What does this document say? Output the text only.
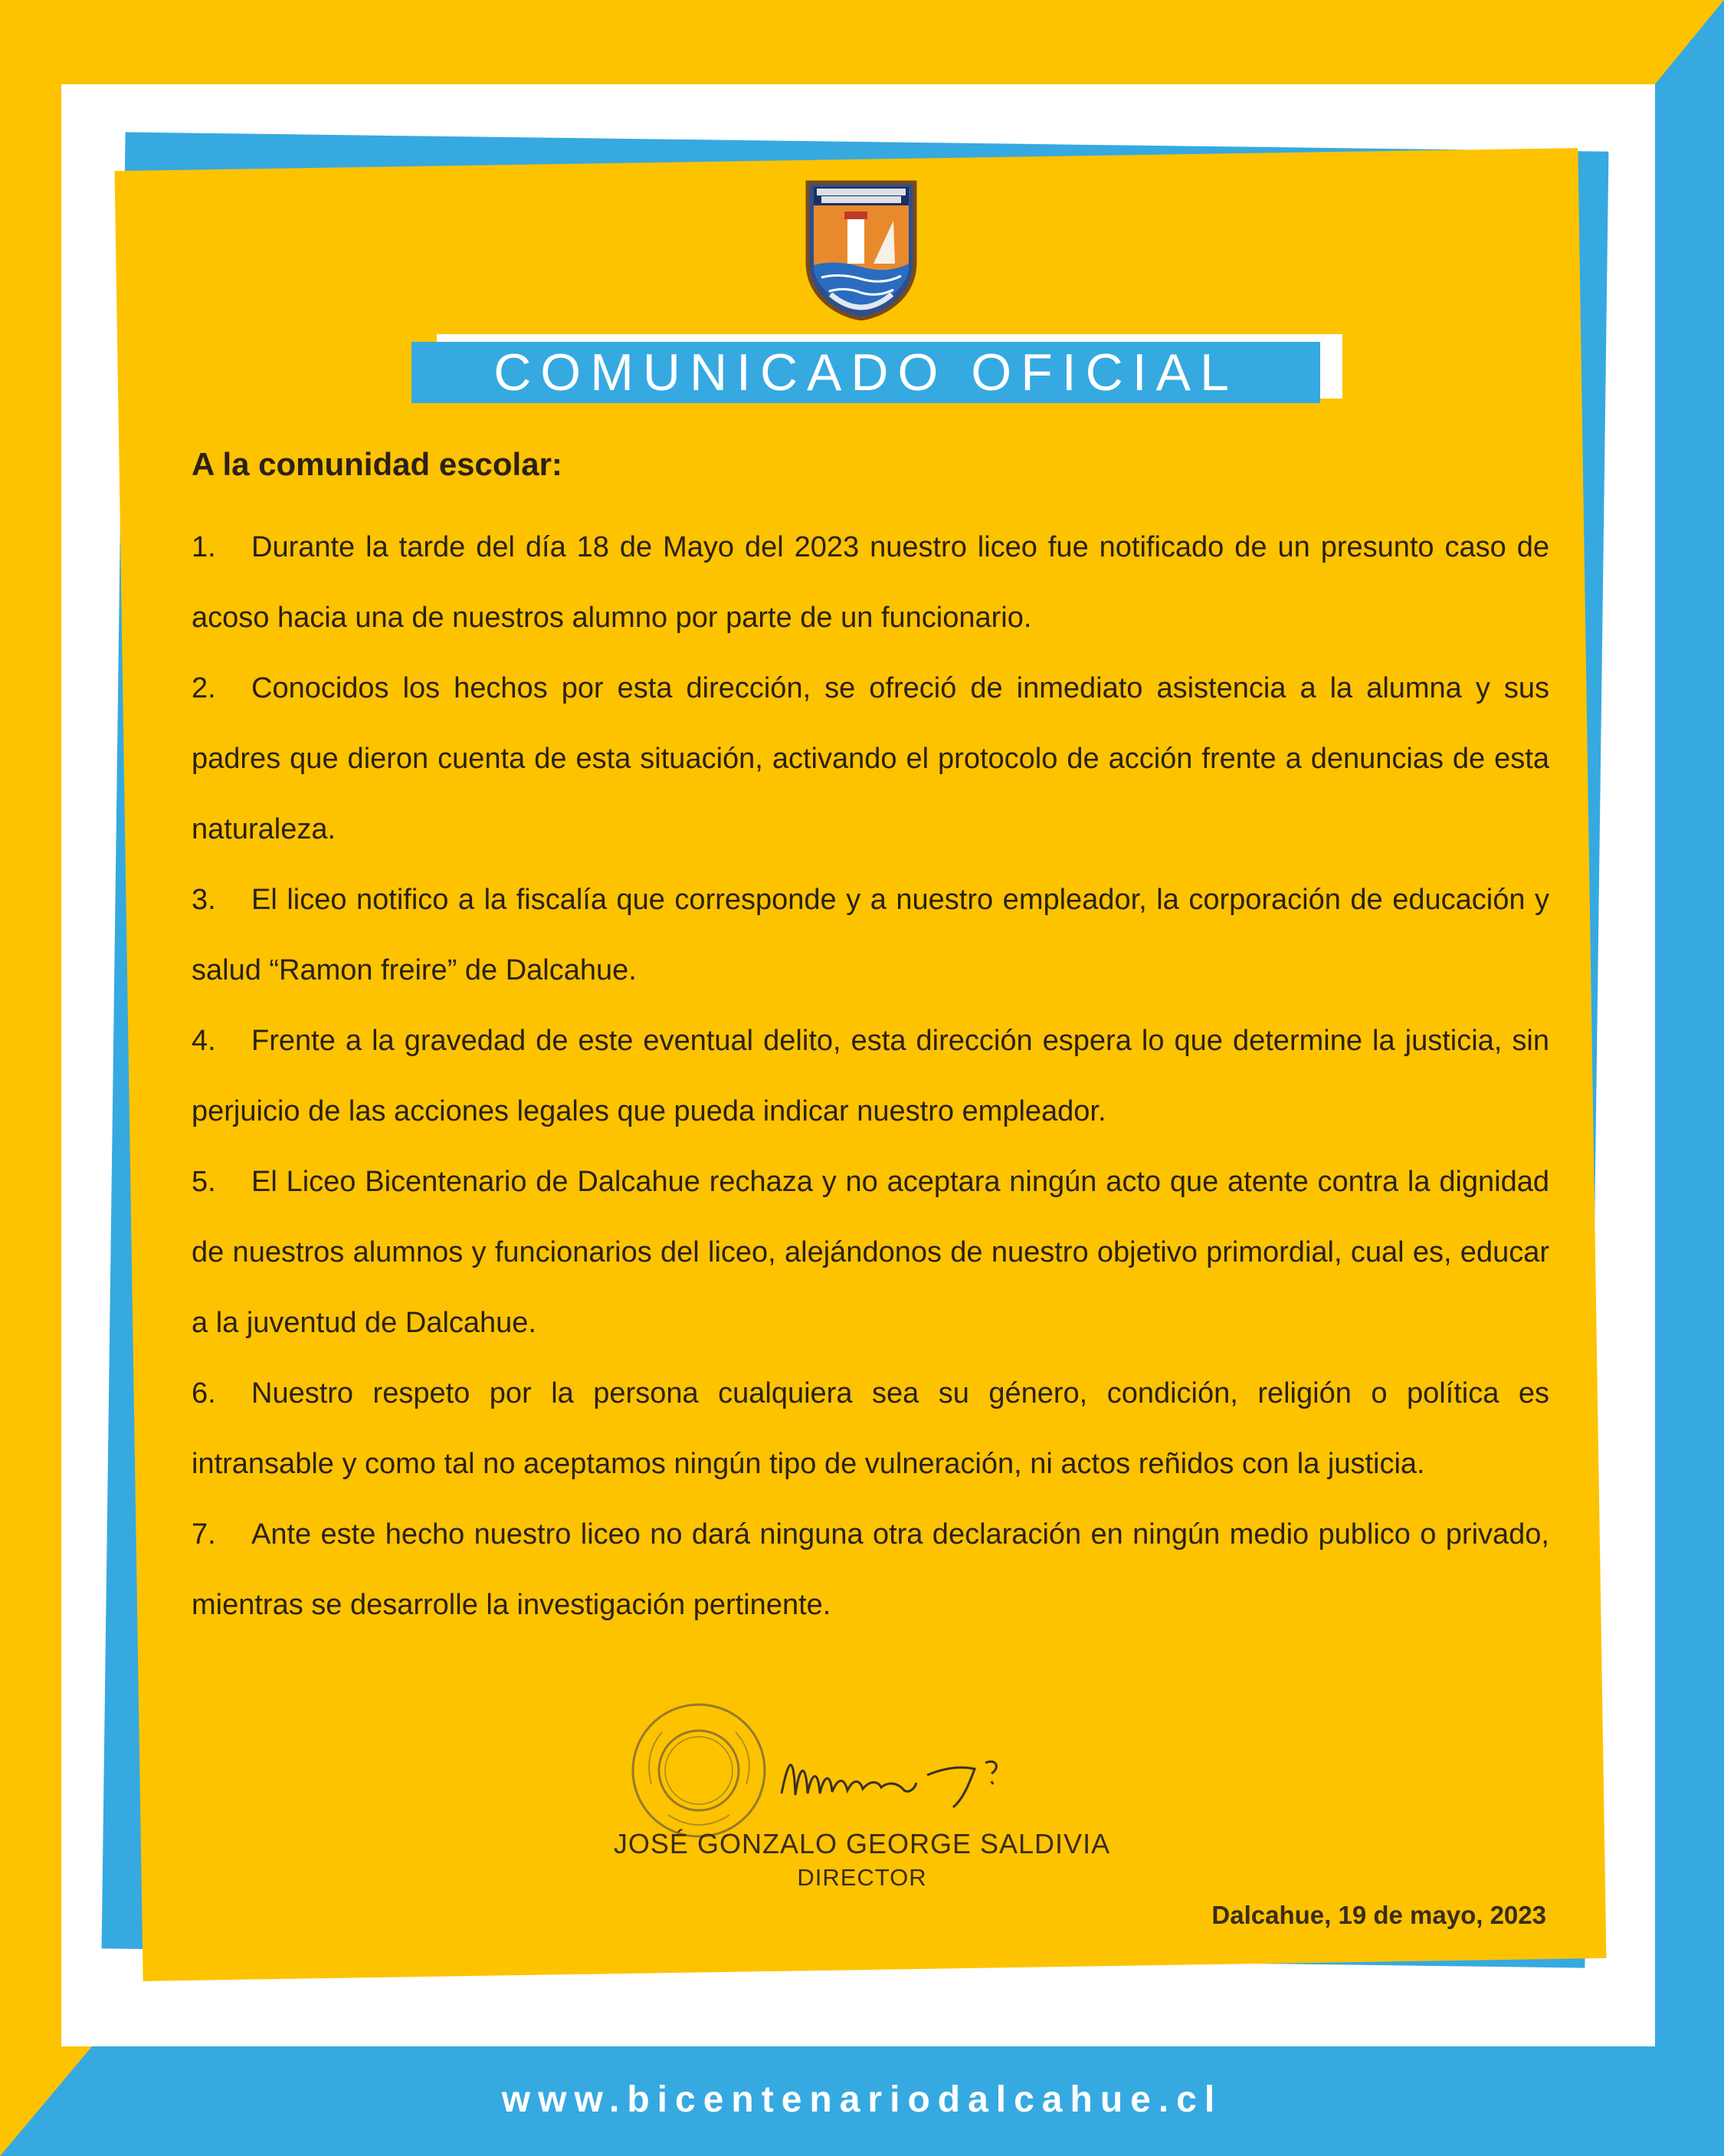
COMUNICADO OFICIAL

A la comunidad escolar:

1. Durante la tarde del día 18 de Mayo del 2023 nuestro liceo fue notificado de un presunto caso de acoso hacia una de nuestros alumno por parte de un funcionario.

2. Conocidos los hechos por esta dirección, se ofreció de inmediato asistencia a la alumna y sus padres que dieron cuenta de esta situación, activando el protocolo de acción frente a denuncias de esta naturaleza.

3. El liceo notifico a la fiscalía que corresponde y a nuestro empleador, la corporación de educación y salud “Ramon freire” de Dalcahue.

4. Frente a la gravedad de este eventual delito, esta dirección espera lo que determine la justicia, sin perjuicio de las acciones legales que pueda indicar nuestro empleador.

5. El Liceo Bicentenario de Dalcahue rechaza y no aceptara ningún acto que atente contra la dignidad de nuestros alumnos y funcionarios del liceo, alejándonos de nuestro objetivo primordial, cual es, educar a la juventud de Dalcahue.

6. Nuestro respeto por la persona cualquiera sea su género, condición, religión o política es intransable y como tal no aceptamos ningún tipo de vulneración, ni actos reñidos con la justicia.

7. Ante este hecho nuestro liceo no dará ninguna otra declaración en ningún medio publico o privado, mientras se desarrolle la investigación pertinente.

JOSÉ GONZALO GEORGE SALDIVIA
DIRECTOR
Dalcahue, 19 de mayo, 2023
www.bicentenariodalcahue.cl
